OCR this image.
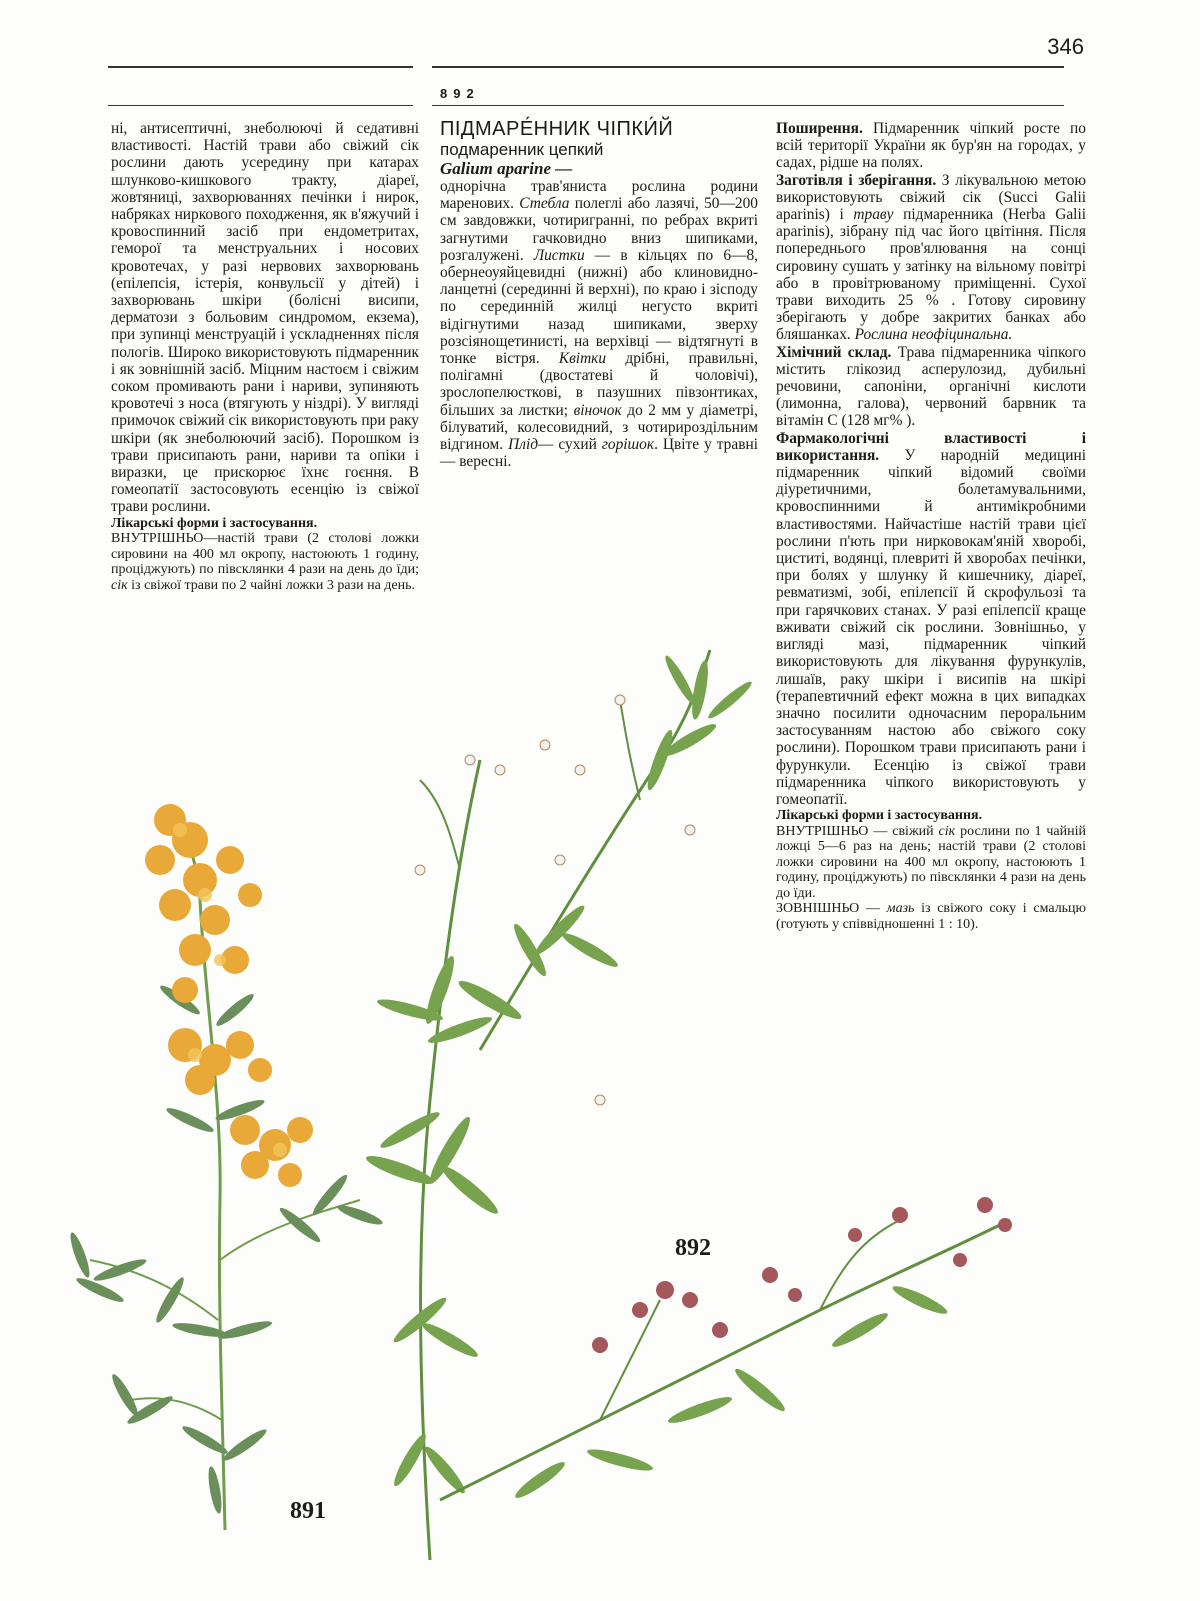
346
892

ні, антисептичні, знеболюючі й седативні властивості. Настій трави або свіжий сік рослини дають усередину при катарах шлунково-кишкового тракту, діареї, жовтяниці, захворюваннях печінки і нирок, набряках ниркового походження, як в'яжучий і кровоспинний засіб при ендометритах, геморої та менструальних і носових кровотечах, у разі нервових захворювань (епілепсія, істерія, конвульсії у дітей) і захворювань шкіри (болісні висипи, дерматози з больовим синдромом, екзема), при зупинці менструацій і ускладненнях після пологів. Широко використовують підмаренник і як зовнішній засіб. Міцним настоєм і свіжим соком промивають рани і нариви, зупиняють кровотечі з носа (втягують у ніздрі). У вигляді примочок свіжий сік використовують при раку шкіри (як знеболюючий засіб). Порошком із трави присипають рани, нариви та опіки і виразки, це прискорює їхнє гоєння. В гомеопатії застосовують есенцію із свіжої трави рослини.

Лікарські форми і застосування.
ВНУТРІШНЬО—настій трави (2 столові ложки сировини на 400 мл окропу, настоюють 1 годину, проціджують) по півсклянки 4 рази на день до їди; сік із свіжої трави по 2 чайні ложки 3 рази на день.

ПІДМАРЕ́ННИК ЧІПКИ́Й
подмаренник цепкий
Galium aparine —

однорічна трав'яниста рослина родини маренових. Стебла полеглі або лазячі, 50—200 см завдовжки, чотиригранні, по ребрах вкриті загнутими гачковидно вниз шипиками, розгалужені. Листки — в кільцях по 6—8, обернеоуяйцевидні (нижні) або клиновидно-ланцетні (серединні й верхні), по краю і зісподу по серединній жилці негусто вкриті відігнутими назад шипиками, зверху розсіянощетинисті, на верхівці — відтягнуті в тонке вістря. Квітки дрібні, правильні, полігамні (двостатеві й чоловічі), зрослопелюсткові, в пазушних півзонтиках, більших за листки; віночок до 2 мм у діаметрі, білуватий, колесовидний, з чотирироздільним відгином. Плід— сухий горішок. Цвіте у травні — вересні.

Поширення. Підмаренник чіпкий росте по всій території України як бур'ян на городах, у садах, рідше на полях.

Заготівля і зберігання. З лікувальною метою використовують свіжий сік (Succi Galii aparinis) і траву підмаренника (Herba Galii aparinis), зібрану під час його цвітіння. Після попереднього пров'ялювання на сонці сировину сушать у затінку на вільному повітрі або в провітрюваному приміщенні. Сухої трави виходить 25 % . Готову сировину зберігають у добре закритих банках або бляшанках. Рослина неофіцинальна.

Хімічний склад. Трава підмаренника чіпкого містить глікозид асперулозид, дубильні речовини, сапоніни, органічні кислоти (лимонна, галова), червоний барвник та вітамін С (128 мг% ).

Фармакологічні властивості і використання. У народній медицині підмаренник чіпкий відомий своїми діуретичними, болетамувальними, кровоспинними й антимікробними властивостями. Найчастіше настій трави цієї рослини п'ють при нирковокам'яній хворобі, циститі, водянці, плевриті й хворобах печінки, при болях у шлунку й кишечнику, діареї, ревматизмі, зобі, епілепсії й скрофульозі та при гарячкових станах. У разі епілепсії краще вживати свіжий сік рослини. Зовнішньо, у вигляді мазі, підмаренник чіпкий використовують для лікування фурункулів, лишаїв, раку шкіри і висипів на шкірі (терапевтичний ефект можна в цих випадках значно посилити одночасним пероральним застосуванням настою або свіжого соку рослини). Порошком трави присипають рани і фурункули. Есенцію із свіжої трави підмаренника чіпкого використовують у гомеопатії.

Лікарські форми і застосування.
ВНУТРІШНЬО — свіжий сік рослини по 1 чайній ложці 5—6 раз на день; настій трави (2 столові ложки сировини на 400 мл окропу, настоюють 1 годину, проціджують) по півсклянки 4 рази на день до їди.
ЗОВНІШНЬО — мазь із свіжого соку і смальцю (готують у співвідношенні 1 : 10).

892
891
